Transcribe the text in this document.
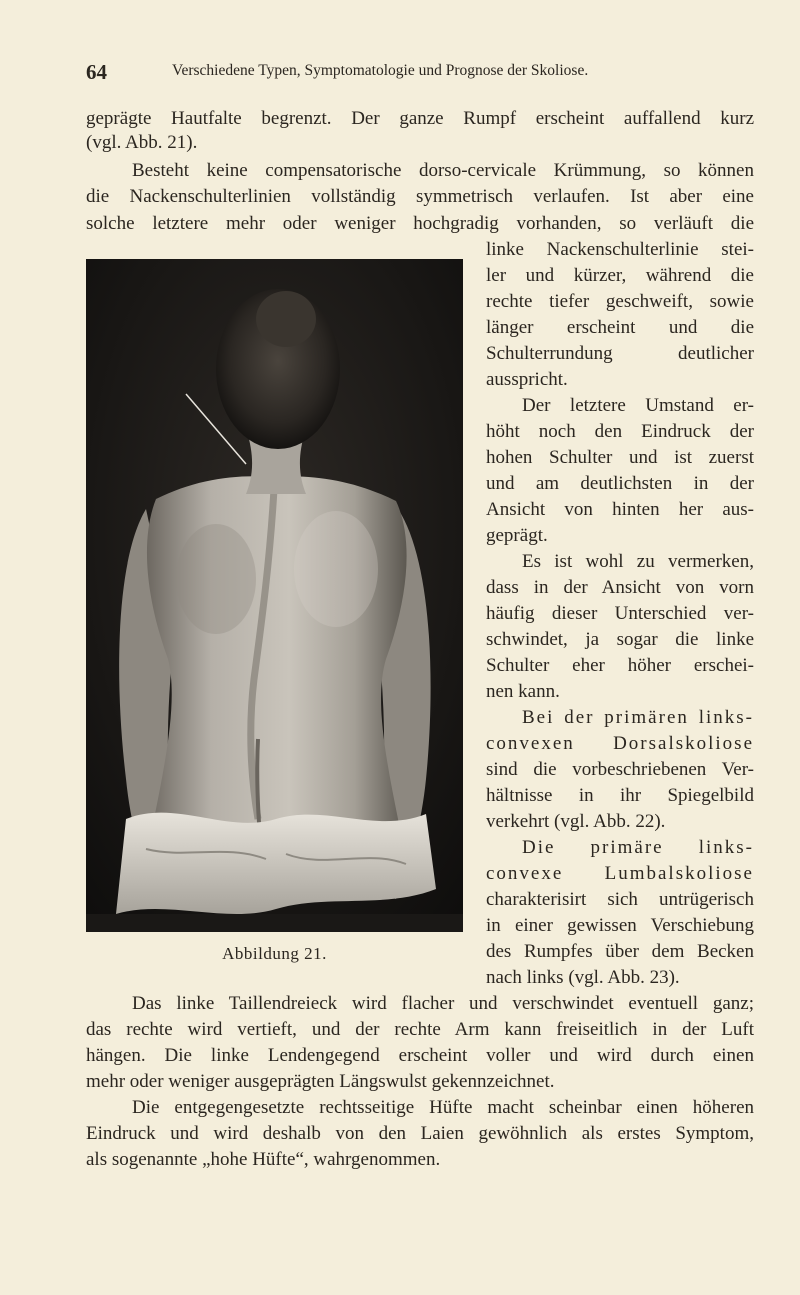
64	Verschiedene Typen, Symptomatologie und Prognose der Skoliose.
geprägte Hautfalte begrenzt. Der ganze Rumpf erscheint auffallend kurz
(vgl. Abb. 21).
Besteht keine compensatorische dorso-cervicale Krümmung, so können
die Nackenschulterlinien vollständig symmetrisch verlaufen. Ist aber eine
solche letztere mehr oder weniger hochgradig vorhanden, so verläuft die
linke Nackenschulterlinie stei-
ler und kürzer, während die
rechte tiefer geschweift, sowie
länger erscheint und die
Schulterrundung deutlicher
ausspricht.
Der letztere Umstand er-
höht noch den Eindruck der
hohen Schulter und ist zuerst
und am deutlichsten in der
Ansicht von hinten her aus-
geprägt.
Es ist wohl zu vermerken,
dass in der Ansicht von vorn
häufig dieser Unterschied ver-
schwindet, ja sogar die linke
Schulter eher höher erschei-
nen kann.
Bei der primären links-
convexen Dorsalskoliose
sind die vorbeschriebenen Ver-
hältnisse in ihr Spiegelbild
verkehrt (vgl. Abb. 22).
Die primäre links-
convexe Lumbalskoliose
charakterisirt sich untrügerisch
in einer gewissen Verschiebung
des Rumpfes über dem Becken
nach links (vgl. Abb. 23).
Das linke Taillendreieck wird flacher und verschwindet eventuell ganz;
das rechte wird vertieft, und der rechte Arm kann freiseitlich in der Luft
hängen. Die linke Lendengegend erscheint voller und wird durch einen
mehr oder weniger ausgeprägten Längswulst gekennzeichnet.
Die entgegengesetzte rechtsseitige Hüfte macht scheinbar einen höheren
Eindruck und wird deshalb von den Laien gewöhnlich als erstes Symptom,
als sogenannte „hohe Hüfte“, wahrgenommen.
Abbildung 21.
